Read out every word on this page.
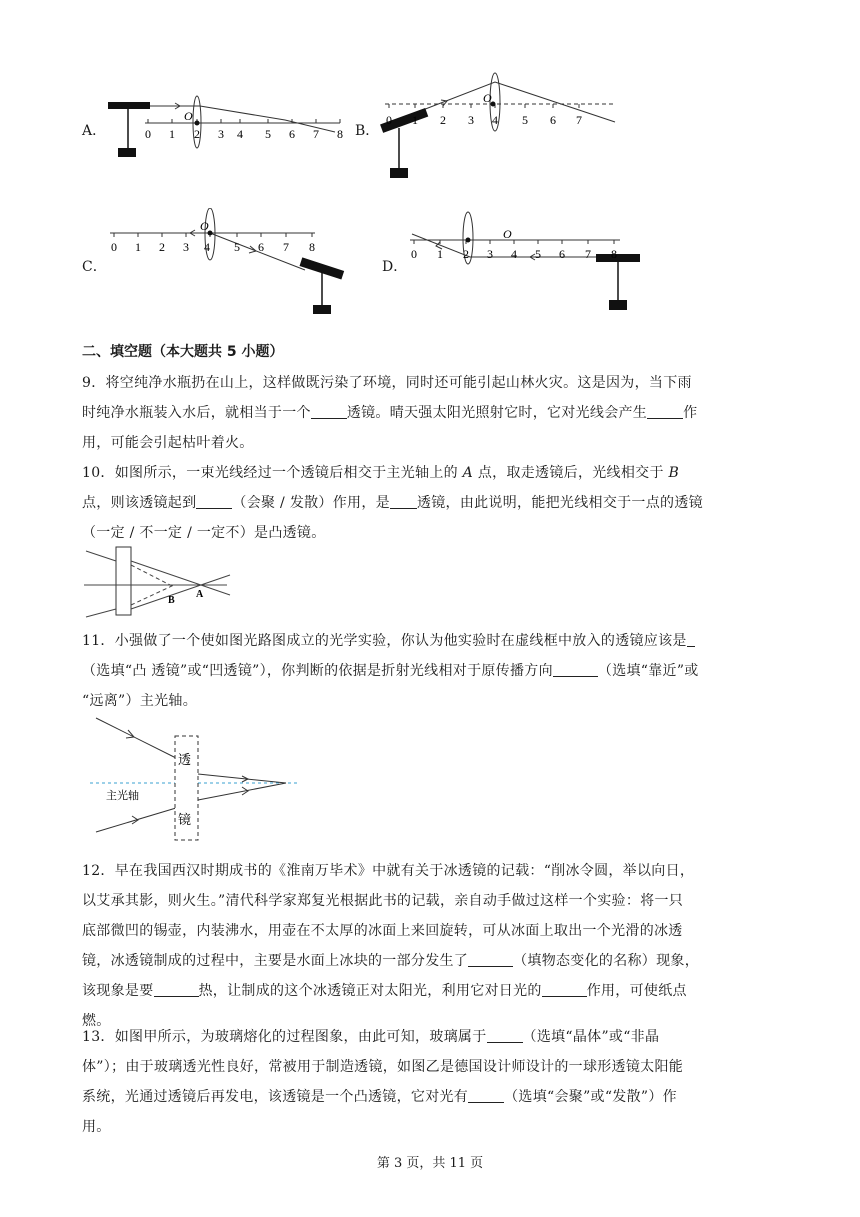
A．
O
0 1 2 3 4 5 6 7 8 B．
O
0 1 2 3 4 5 6 7
C．
O
0 1 2 3 4 5 6 7 8
D．
O
0 1 2 3 4 5 6 7 8
二、填空题（本大题共 5 小题）

9．将空纯净水瓶扔在山上，这样做既污染了环境，同时还可能引起山林火灾。这是因为，当下雨

时纯净水瓶装入水后，就相当于一个	透镜。晴天强太阳光照射它时，它对光线会产生	作

用，可能会引起枯叶着火。

10．如图所示，一束光线经过一个透镜后相交于主光轴上的 A 点，取走透镜后，光线相交于 B

点，则该透镜起到	（会聚 / 发散）作用，是 透镜，由此说明，能把光线相交于一点的透镜

（一定 / 不一定 / 一定不）是凸透镜。

B
A

11．小强做了一个使如图光路图成立的光学实验，你认为他实验时在虚线框中放入的透镜应该是

（选填“凸 透镜”或“凹透镜”），你判断的依据是折射光线相对于原传播方向	（选填“靠近”或

“远离”）主光轴。

透
镜
主光轴

12．早在我国西汉时期成书的《淮南万毕术》中就有关于冰透镜的记载：“削冰令圆，举以向日，

以艾承其影，则火生。”清代科学家郑复光根据此书的记载，亲自动手做过这样一个实验：将一只

底部微凹的锡壶，内装沸水，用壶在不太厚的冰面上来回旋转，可从冰面上取出一个光滑的冰透

镜，冰透镜制成的过程中，主要是水面上冰块的一部分发生了	（填物态变化的名称）现象，

该现象是要	热，让制成的这个冰透镜正对太阳光，利用它对日光的	作用，可使纸点

燃。

13．如图甲所示，为玻璃熔化的过程图象，由此可知，玻璃属于	（选填“晶体”或“非晶

体”）；由于玻璃透光性良好，常被用于制造透镜，如图乙是德国设计师设计的一球形透镜太阳能

系统，光通过透镜后再发电，该透镜是一个凸透镜，它对光有	（选填“会聚”或“发散”）作

用。

第 3 页，共 11 页
